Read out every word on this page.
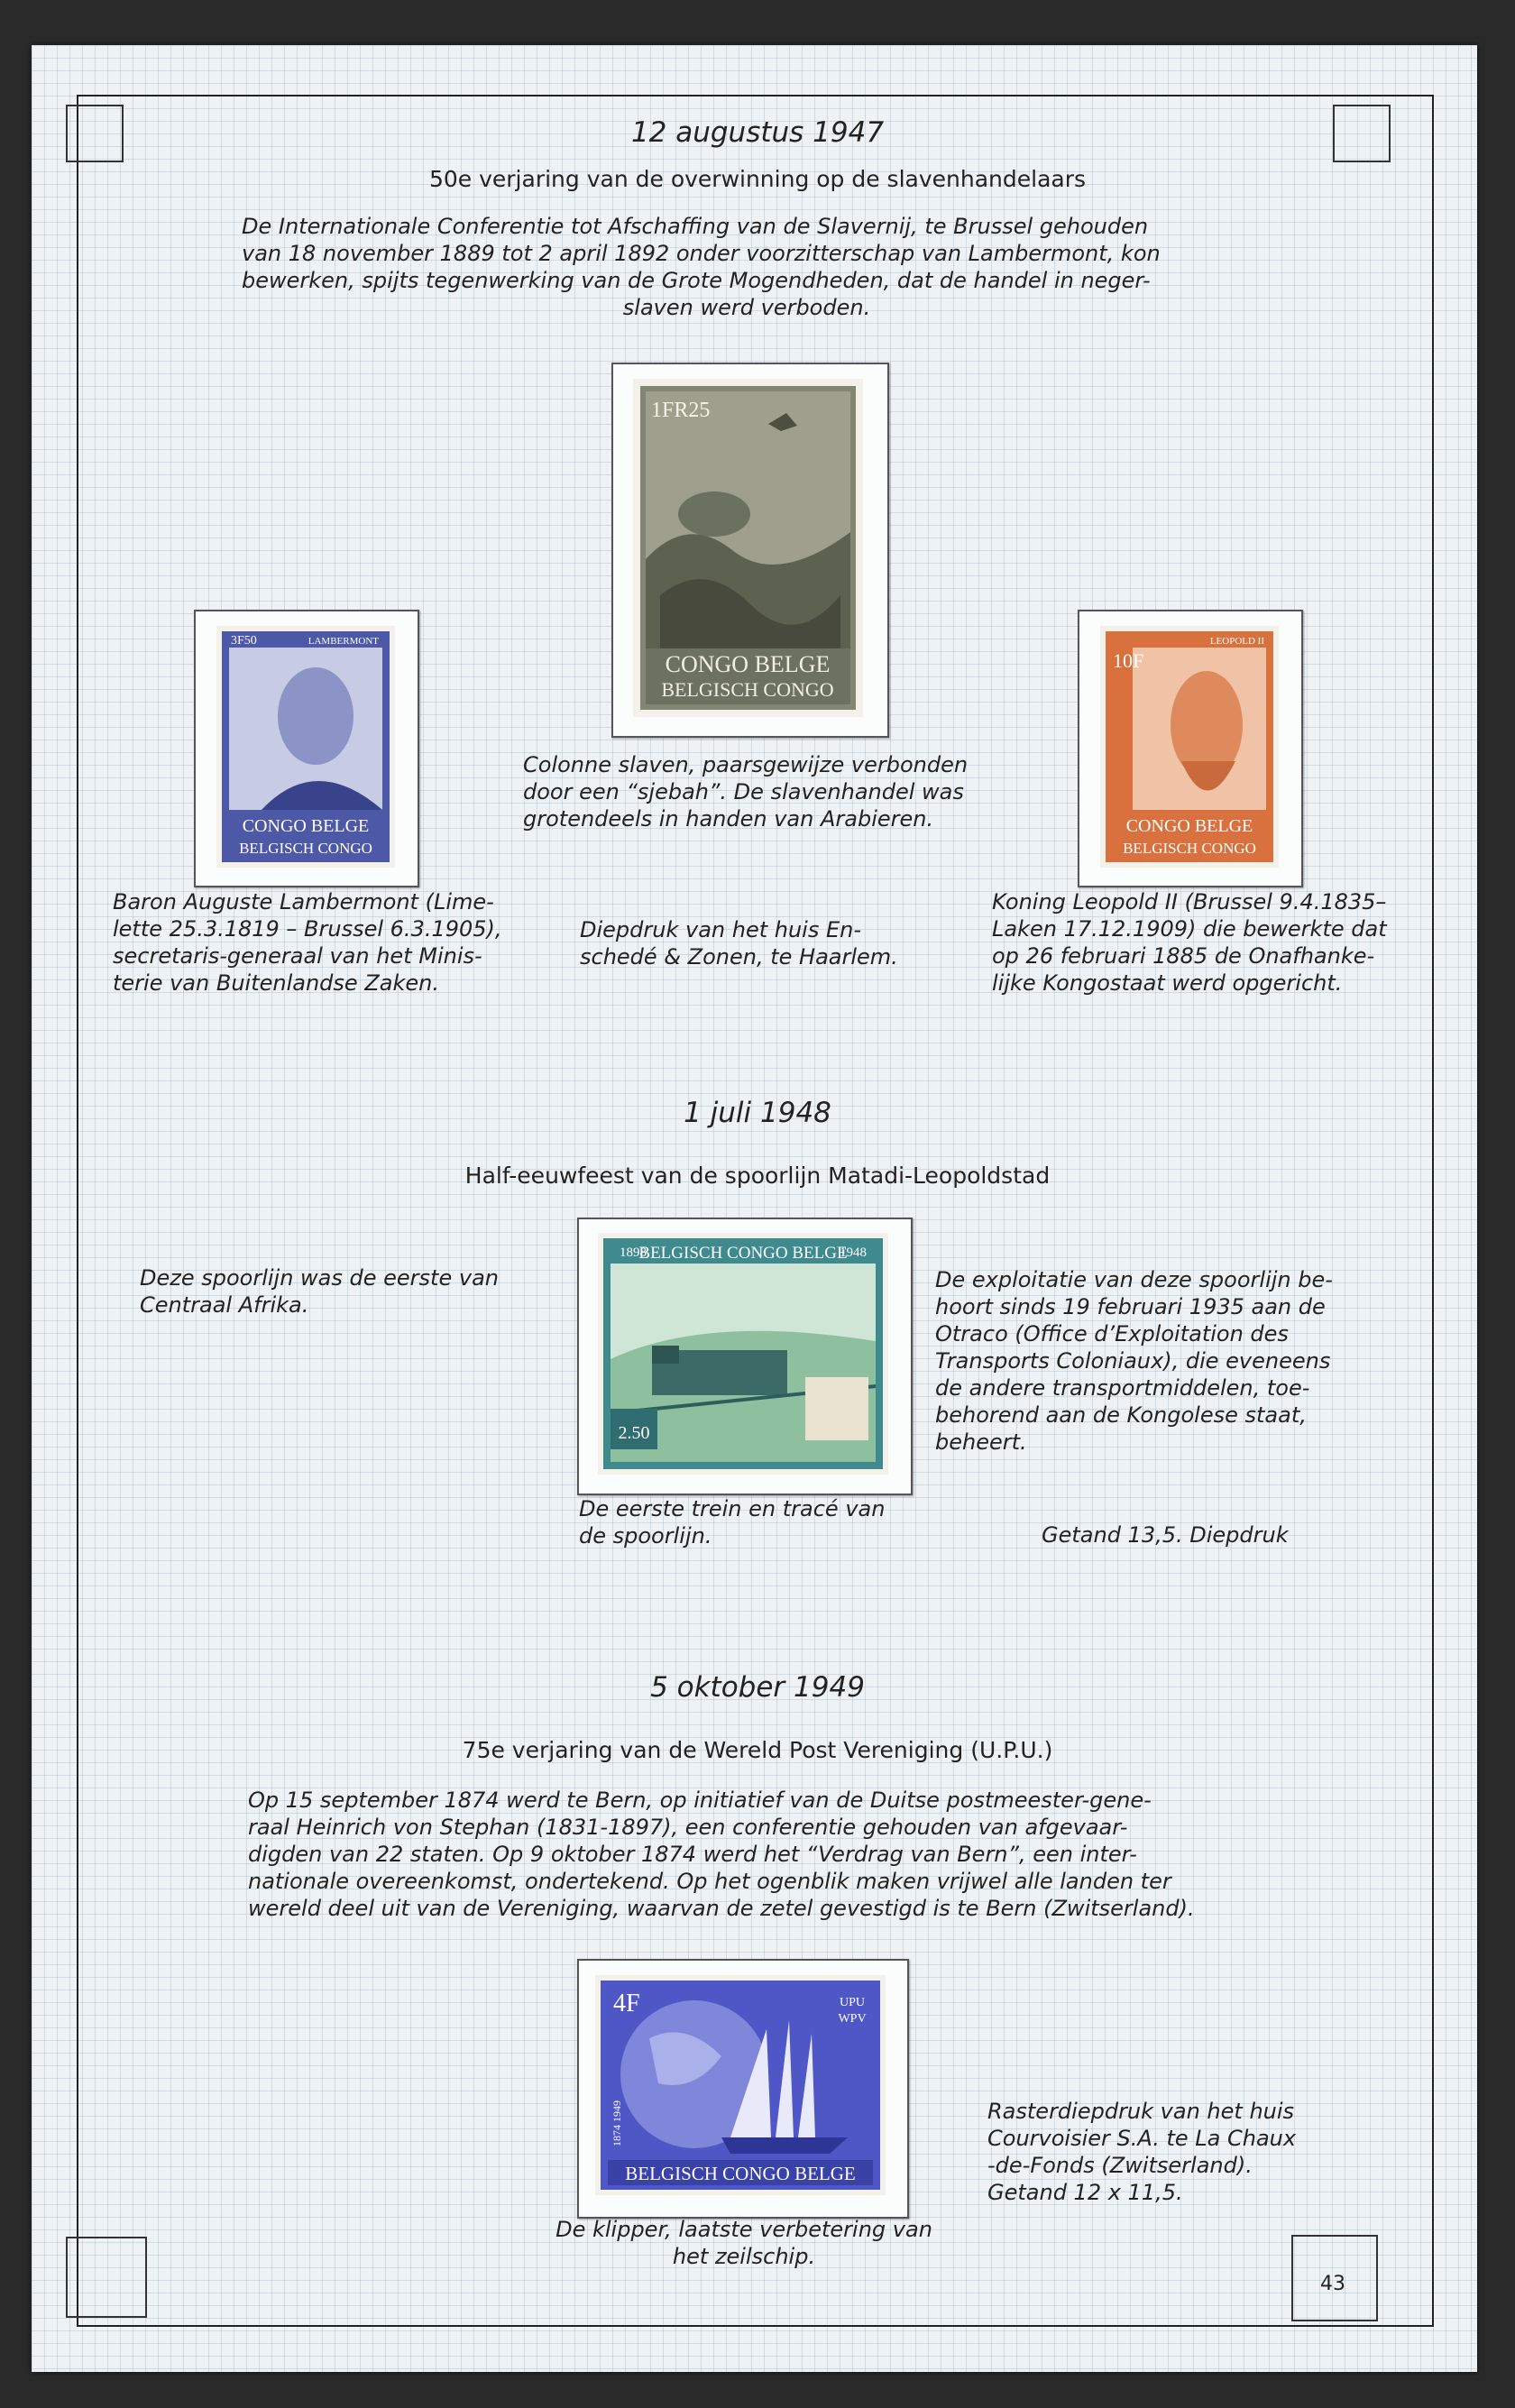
12 augustus 1947
50e verjaring van de overwinning op de slavenhandelaars
De Internationale Conferentie tot Afschaffing van de Slavernij, te Brussel gehouden
van 18 november 1889 tot 2 april 1892 onder voorzitterschap van Lambermont, kon
bewerken, spijts tegenwerking van de Grote Mogendheden, dat de handel in neger-
slaven werd verboden.
CONGO BELGE
BELGISCH CONGO
1FR25
3F50	LAMBERMONT
CONGO BELGE
BELGISCH CONGO
10F
LEOPOLD II
CONGO BELGE
BELGISCH CONGO
Colonne slaven, paarsgewijze verbonden
door een “sjebah”. De slavenhandel was
grotendeels in handen van Arabieren.
Baron Auguste Lambermont (Lime-
lette 25.3.1819 – Brussel 6.3.1905),
secretaris-generaal van het Minis-
terie van Buitenlandse Zaken.
Diepdruk van het huis En-
schedé & Zonen, te Haarlem.
Koning Leopold II (Brussel 9.4.1835–
Laken 17.12.1909) die bewerkte dat
op 26 februari 1885 de Onafhanke-
lijke Kongostaat werd opgericht.
1 juli 1948
Half-eeuwfeest van de spoorlijn Matadi-Leopoldstad
Deze spoorlijn was de eerste van
Centraal Afrika.
1898	1948
BELGISCH CONGO BELGE
2.50
De exploitatie van deze spoorlijn be-
hoort sinds 19 februari 1935 aan de
Otraco (Office d’Exploitation des
Transports Coloniaux), die eveneens
de andere transportmiddelen, toe-
behorend aan de Kongolese staat,
beheert.
De eerste trein en tracé van
de spoorlijn.	Getand 13,5. Diepdruk
5 oktober 1949
75e verjaring van de Wereld Post Vereniging (U.P.U.)
Op 15 september 1874 werd te Bern, op initiatief van de Duitse postmeester-gene-
raal Heinrich von Stephan (1831-1897), een conferentie gehouden van afgevaar-
digden van 22 staten. Op 9 oktober 1874 werd het “Verdrag van Bern”, een inter-
nationale overeenkomst, ondertekend. Op het ogenblik maken vrijwel alle landen ter
wereld deel uit van de Vereniging, waarvan de zetel gevestigd is te Bern (Zwitserland).
4F	UPU
WPV
1874 1949
BELGISCH CONGO BELGE
Rasterdiepdruk van het huis
Courvoisier S.A. te La Chaux
-de-Fonds (Zwitserland).
Getand 12 x 11,5.
De klipper, laatste verbetering van
het zeilschip.
43
